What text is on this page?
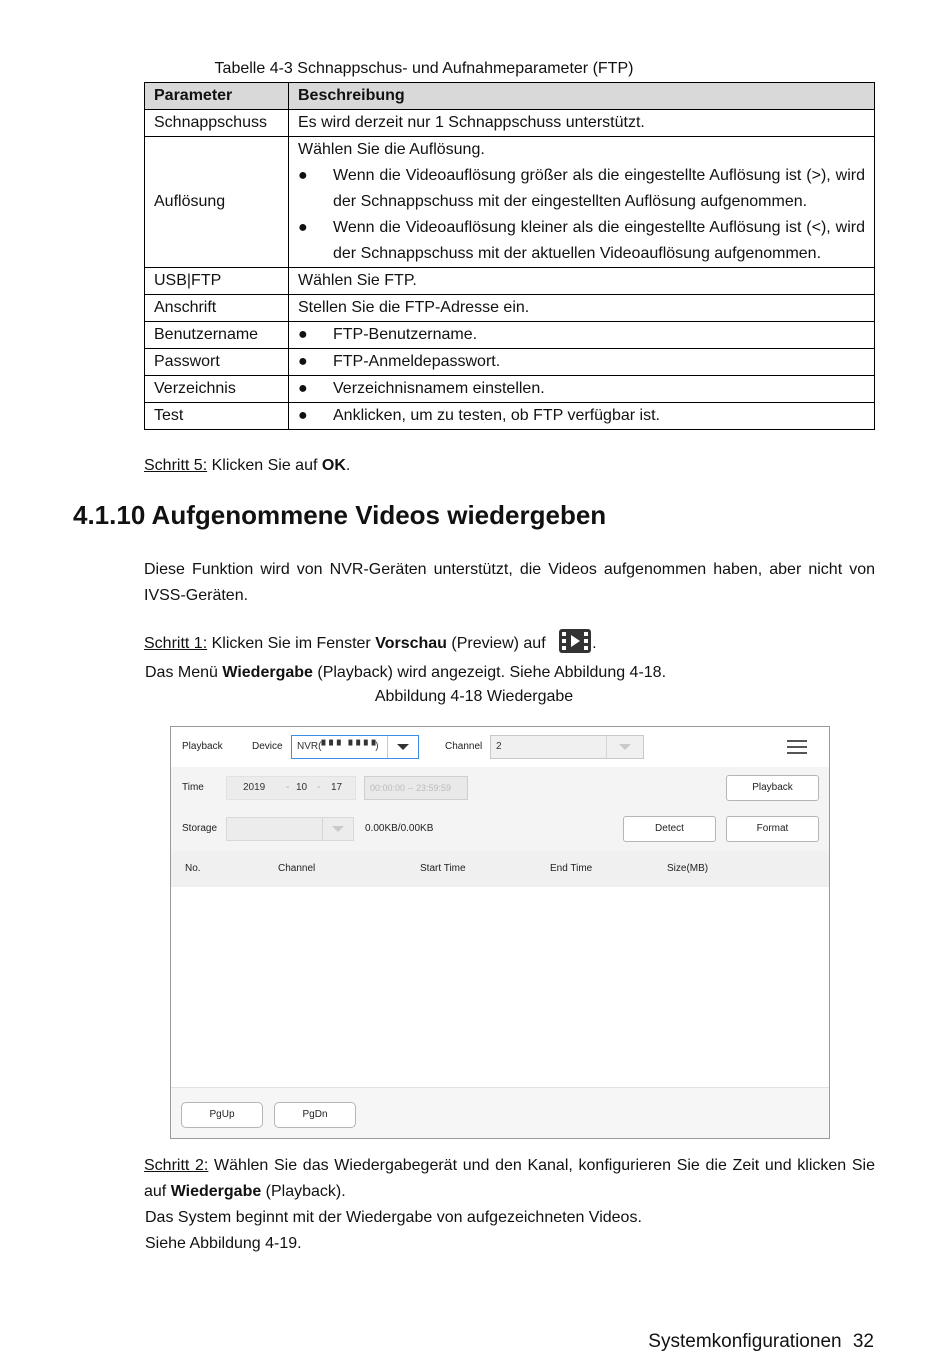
Tabelle 4-3 Schnappschus- und Aufnahmeparameter (FTP)
Parameter	Beschreibung
Schnappschuss	Es wird derzeit nur 1 Schnappschuss unterstützt.
Auflösung	Wählen Sie die Auflösung.
● Wenn die Videoauflösung größer als die eingestellte Auflösung ist (>), wird der Schnappschuss mit der eingestellten Auflösung aufgenommen.
● Wenn die Videoauflösung kleiner als die eingestellte Auflösung ist (<), wird der Schnappschuss mit der aktuellen Videoauflösung aufgenommen.

USB|FTP	Wählen Sie FTP.
Anschrift	Stellen Sie die FTP-Adresse ein.
Benutzername	● FTP-Benutzername.

Passwort	● FTP-Anmeldepasswort.

Verzeichnis	● Verzeichnisnamem einstellen.

Test	● Anklicken, um zu testen, ob FTP verfügbar ist.
Schritt 5: Klicken Sie auf OK.
4.1.10 Aufgenommene Videos wiedergeben
Diese Funktion wird von NVR-Geräten unterstützt, die Videos aufgenommen haben, aber nicht von IVSS-Geräten.
Schritt 1: Klicken Sie im Fenster Vorschau (Preview) auf	.
Das Menü Wiedergabe (Playback) wird angezeigt. Siehe Abbildung 4-18.
Abbildung 4-18 Wiedergabe
Playback	Device	NVR(▘▘▘▝▝▝▝)	Channel	2
Time	2019 - 10 - 17	00:00:00 -- 23:59:59	Playback
Storage	0.00KB/0.00KB	Detect	Format
No.	Channel	Start Time	End Time	Size(MB)
PgUp	PgDn
Schritt 2: Wählen Sie das Wiedergabegerät und den Kanal, konfigurieren Sie die Zeit und klicken Sie auf Wiedergabe (Playback).
Das System beginnt mit der Wiedergabe von aufgezeichneten Videos.
Siehe Abbildung 4-19.
Systemkonfigurationen 32
